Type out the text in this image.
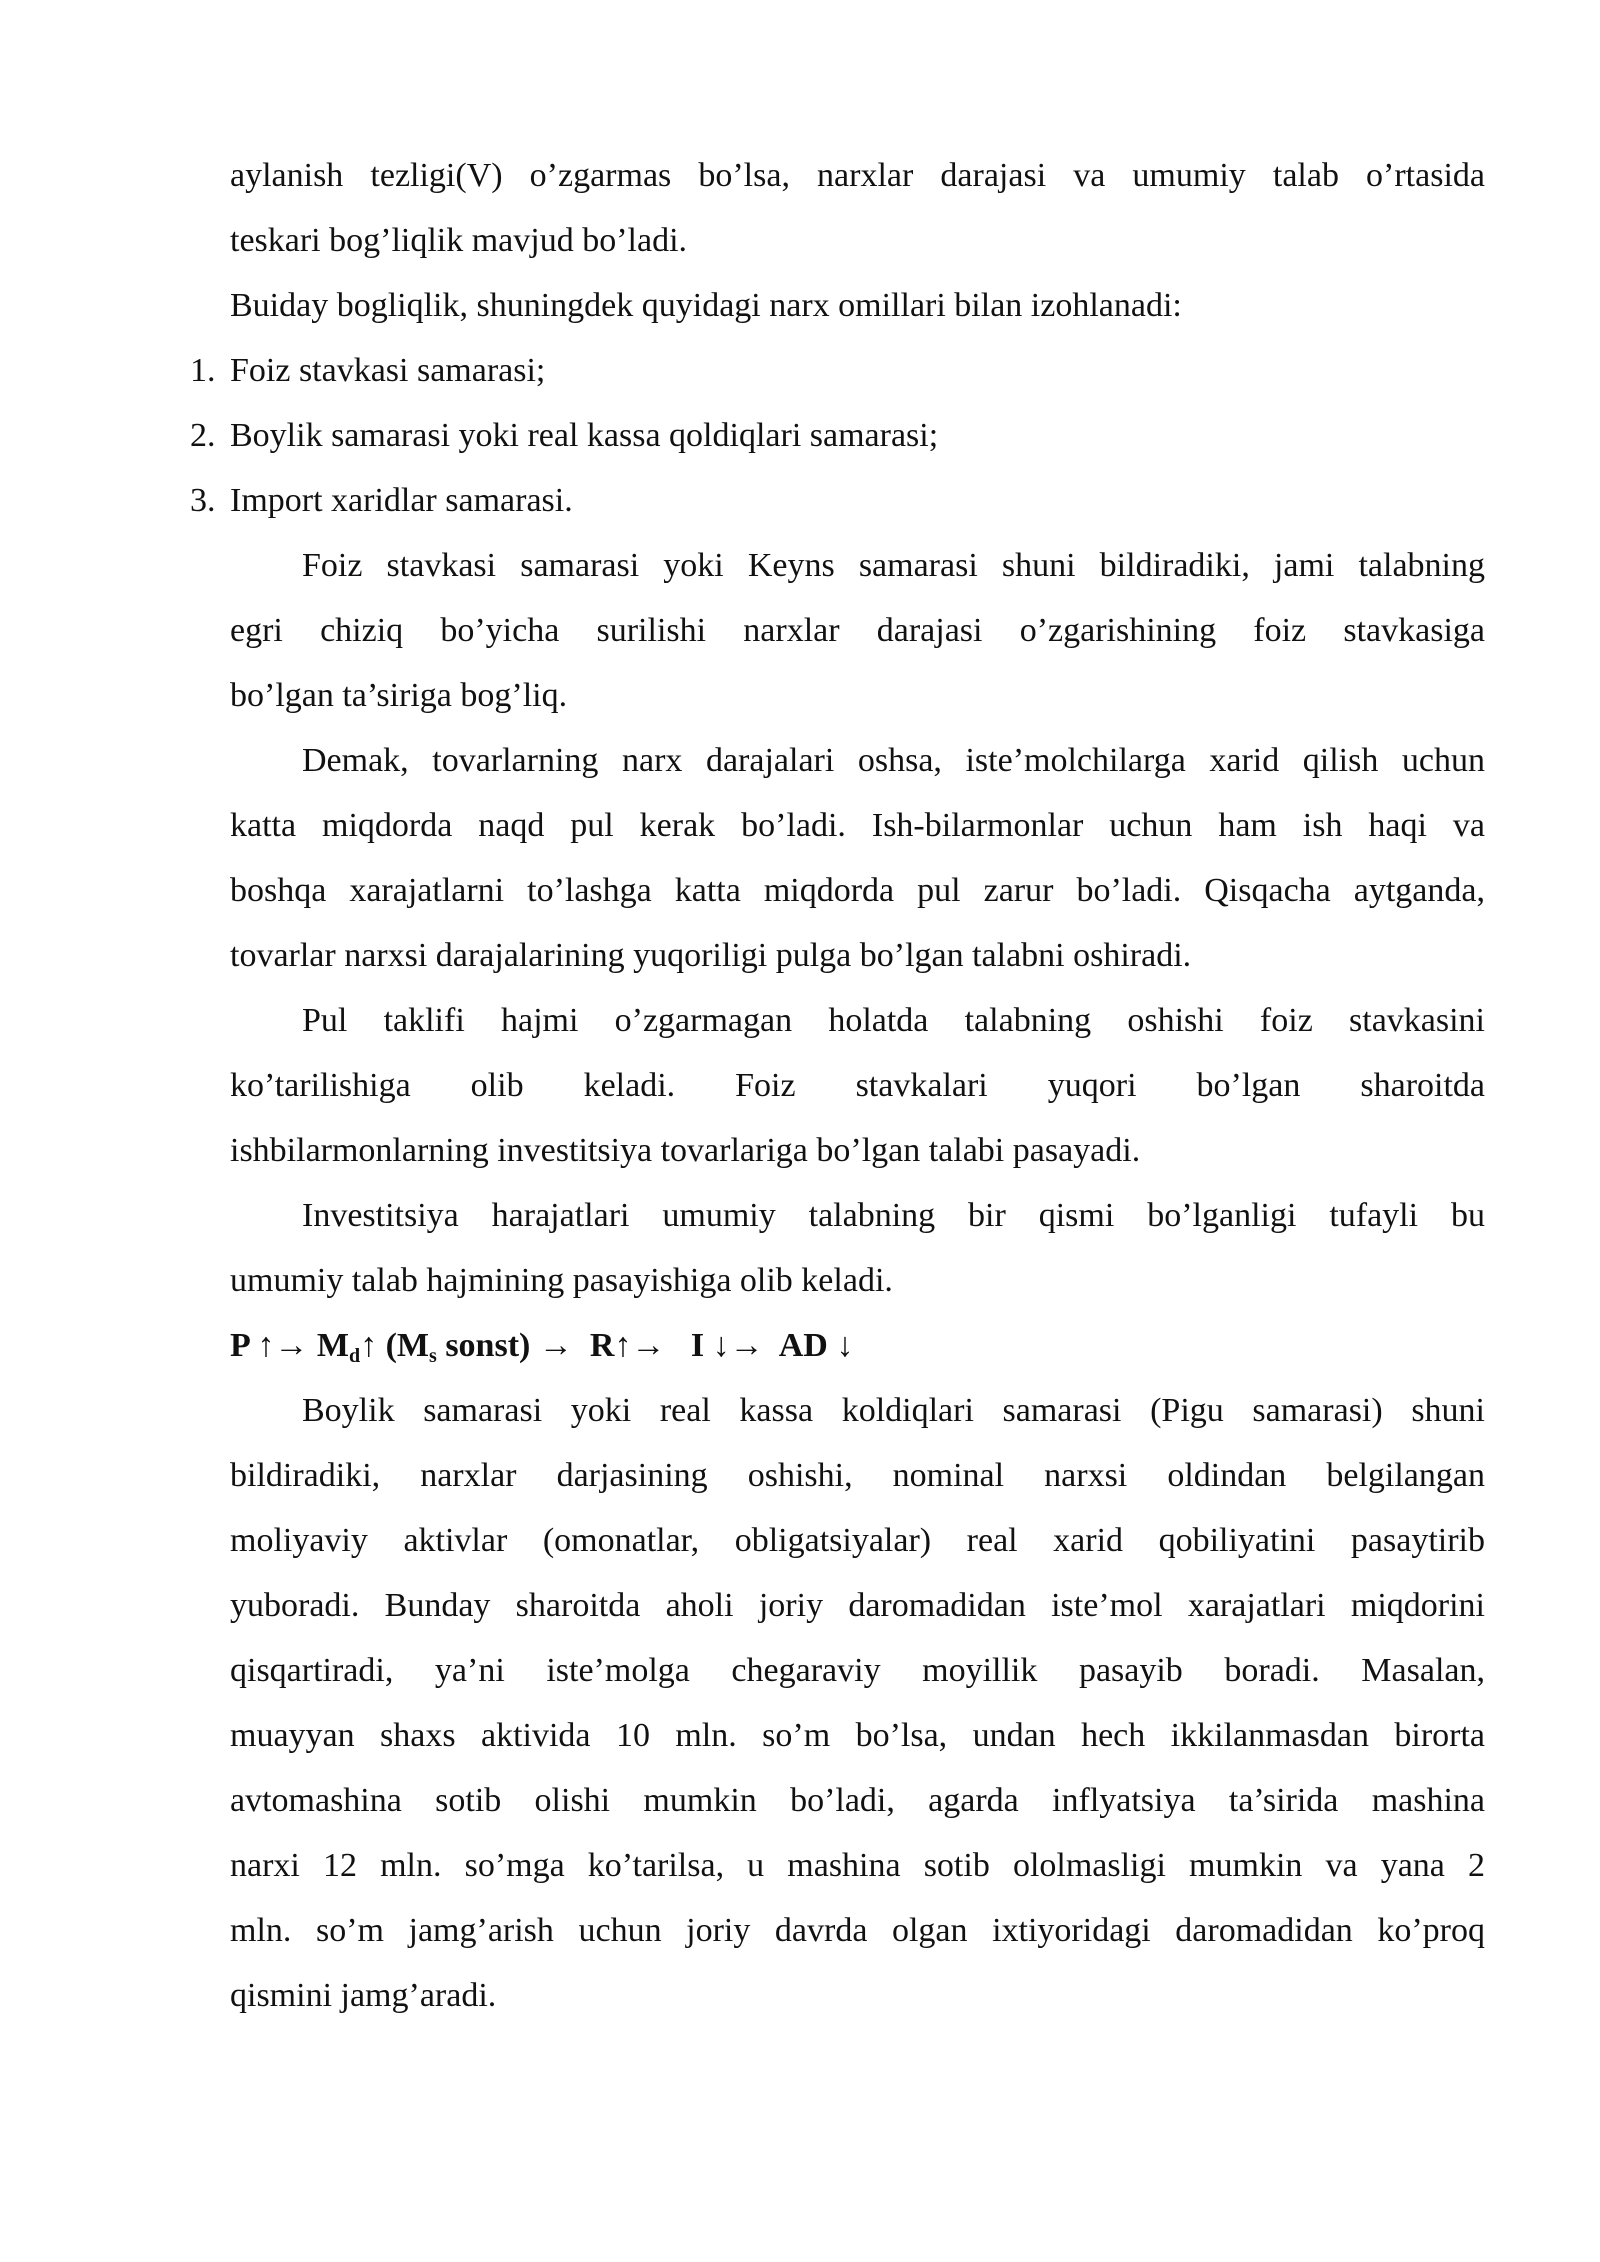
aylanish tezligi(V) o’zgarmas bo’lsa, narxlar darajasi va umumiy talab o’rtasida
teskari bog’liqlik mavjud bo’ladi.
Buiday bogliqlik, shuningdek quyidagi narx omillari bilan izohlanadi:
1. Foiz stavkasi samarasi;
2. Boylik samarasi yoki real kassa qoldiqlari samarasi;
3. Import xaridlar samarasi.
Foiz stavkasi samarasi yoki Keyns samarasi shuni bildiradiki, jami talabning
egri chiziq bo’yicha surilishi narxlar darajasi o’zgarishining foiz stavkasiga
bo’lgan ta’siriga bog’liq.
Demak, tovarlarning narx darajalari oshsa, iste’molchilarga xarid qilish uchun
katta miqdorda naqd pul kerak bo’ladi. Ish-bilarmonlar uchun ham ish haqi va
boshqa xarajatlarni to’lashga katta miqdorda pul zarur bo’ladi. Qisqacha aytganda,
tovarlar narxsi darajalarining yuqoriligi pulga bo’lgan talabni oshiradi.
Pul taklifi hajmi o’zgarmagan holatda talabning oshishi foiz stavkasini
ko’tarilishiga olib keladi. Foiz stavkalari yuqori bo’lgan sharoitda
ishbilarmonlarning investitsiya tovarlariga bo’lgan talabi pasayadi.
Investitsiya harajatlari umumiy talabning bir qismi bo’lganligi tufayli bu
umumiy talab hajmining pasayishiga olib keladi.
P ↑→ $M_d↑$ ($M_s$ sonst) →  R↑→   I ↓→  AD ↓
Boylik samarasi yoki real kassa koldiqlari samarasi (Pigu samarasi) shuni
bildiradiki, narxlar darjasining oshishi, nominal narxsi oldindan belgilangan
moliyaviy aktivlar (omonatlar, obligatsiyalar) real xarid qobiliyatini pasaytirib
yuboradi. Bunday sharoitda aholi joriy daromadidan iste’mol xarajatlari miqdorini
qisqartiradi, ya’ni iste’molga chegaraviy moyillik pasayib boradi. Masalan,
muayyan shaxs aktivida 10 mln. so’m bo’lsa, undan hech ikkilanmasdan birorta
avtomashina sotib olishi mumkin bo’ladi, agarda inflyatsiya ta’sirida mashina
narxi 12 mln. so’mga ko’tarilsa, u mashina sotib ololmasligi mumkin va yana 2
mln. so’m jamg’arish uchun joriy davrda olgan ixtiyoridagi daromadidan ko’proq
qismini jamg’aradi.
